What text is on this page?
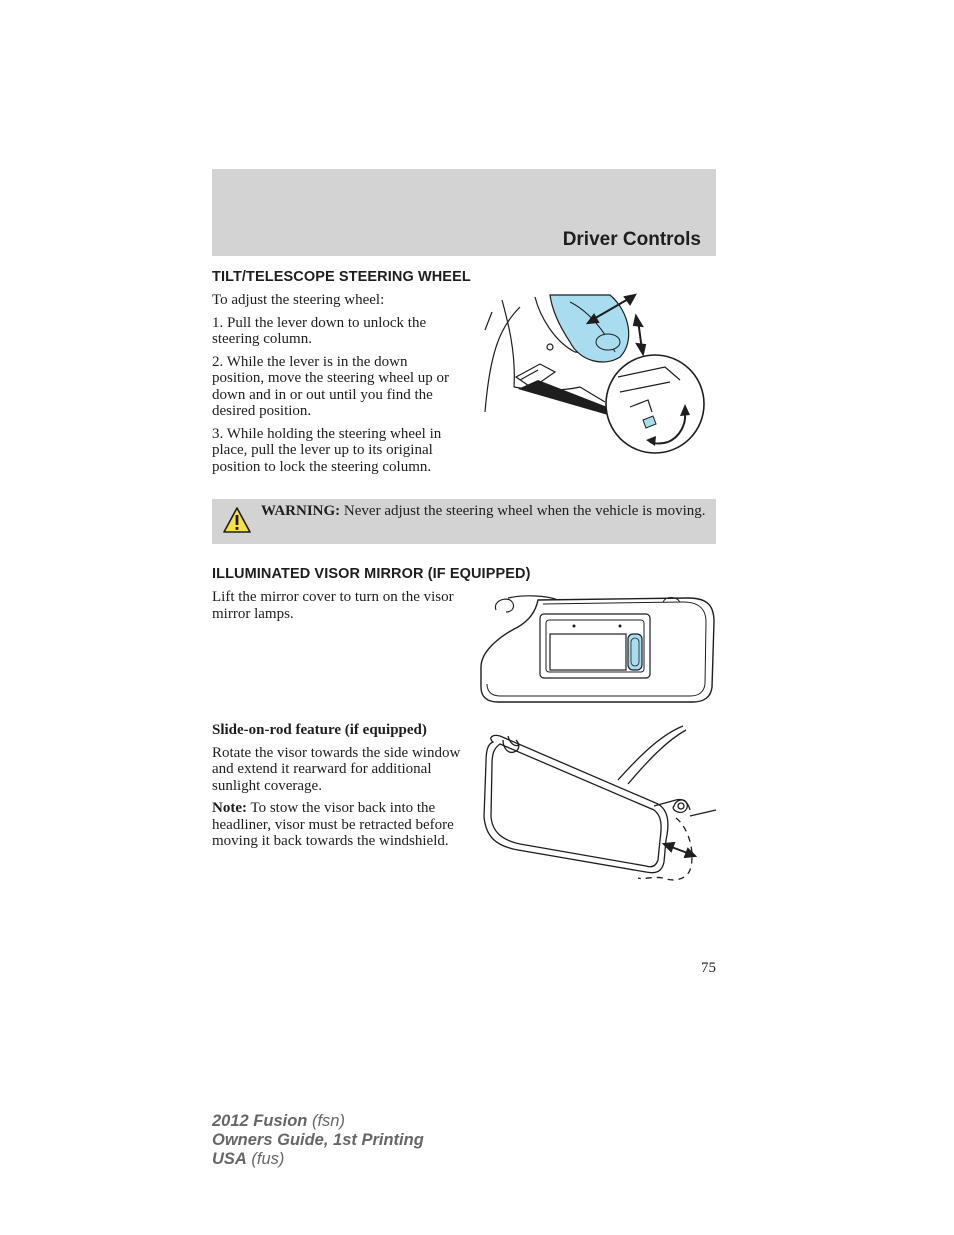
Driver Controls
TILT/TELESCOPE STEERING WHEEL

To adjust the steering wheel:

1. Pull the lever down to unlock the steering column.

2. While the lever is in the down position, move the steering wheel up or down and in or out until you find the desired position.

3. While holding the steering wheel in place, pull the lever up to its original position to lock the steering column.

WARNING: Never adjust the steering wheel when the vehicle is moving.
ILLUMINATED VISOR MIRROR (IF EQUIPPED)

Lift the mirror cover to turn on the visor mirror lamps.

Slide-on-rod feature (if equipped)

Rotate the visor towards the side window and extend it rearward for additional sunlight coverage.

Note: To stow the visor back into the headliner, visor must be retracted before moving it back towards the windshield.

75
2012 Fusion (fsn)
Owners Guide, 1st Printing
USA (fus)
